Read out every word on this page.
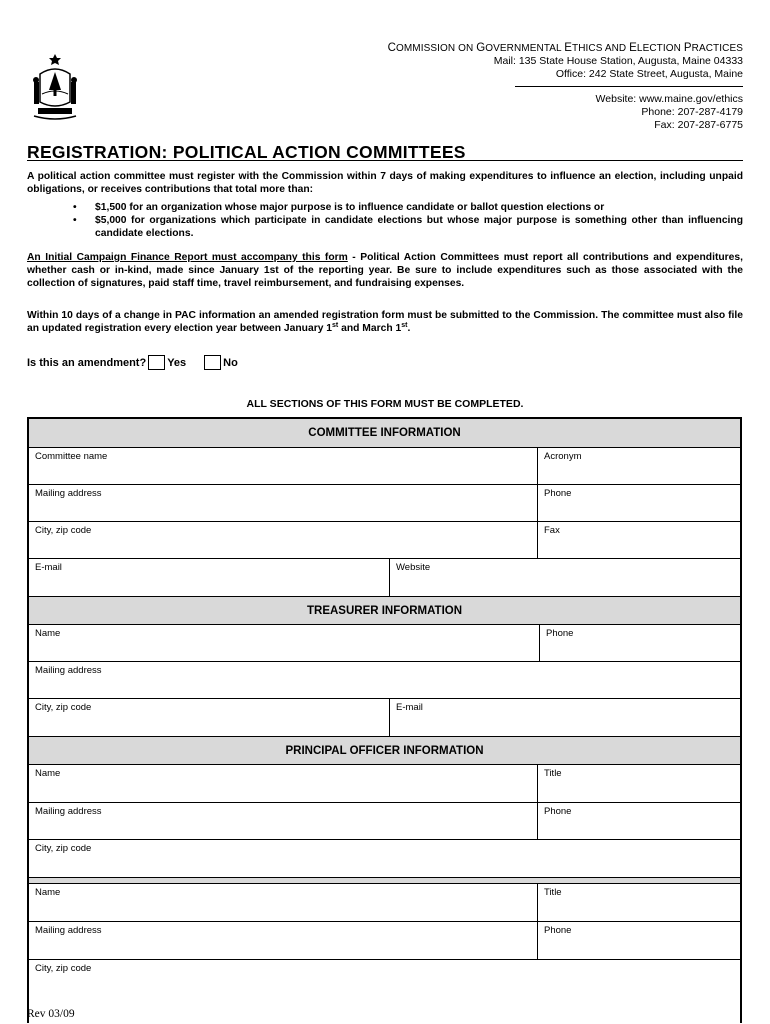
COMMISSION ON GOVERNMENTAL ETHICS AND ELECTION PRACTICES
Mail: 135 State House Station, Augusta, Maine 04333
Office: 242 State Street, Augusta, Maine
Website: www.maine.gov/ethics
Phone: 207-287-4179
Fax: 207-287-6775
REGISTRATION: POLITICAL ACTION COMMITTEES
A political action committee must register with the Commission within 7 days of making expenditures to influence an election, including unpaid obligations, or receives contributions that total more than:
• $1,500 for an organization whose major purpose is to influence candidate or ballot question elections or
• $5,000 for organizations which participate in candidate elections but whose major purpose is something other than influencing candidate elections.
An Initial Campaign Finance Report must accompany this form - Political Action Committees must report all contributions and expenditures, whether cash or in-kind, made since January 1st of the reporting year. Be sure to include expenditures such as those associated with the collection of signatures, paid staff time, travel reimbursement, and fundraising expenses.
Within 10 days of a change in PAC information an amended registration form must be submitted to the Commission. The committee must also file an updated registration every election year between January 1st and March 1st.
Is this an amendment? Yes	No
ALL SECTIONS OF THIS FORM MUST BE COMPLETED.
COMMITTEE INFORMATION
Committee name	Acronym
Mailing address	Phone
City, zip code	Fax
E-mail	Website
TREASURER INFORMATION
Name	Phone
Mailing address
City, zip code	E-mail
PRINCIPAL OFFICER INFORMATION
Name	Title
Mailing address	Phone
City, zip code
Name	Title
Mailing address	Phone
City, zip code
Rev 03/09
